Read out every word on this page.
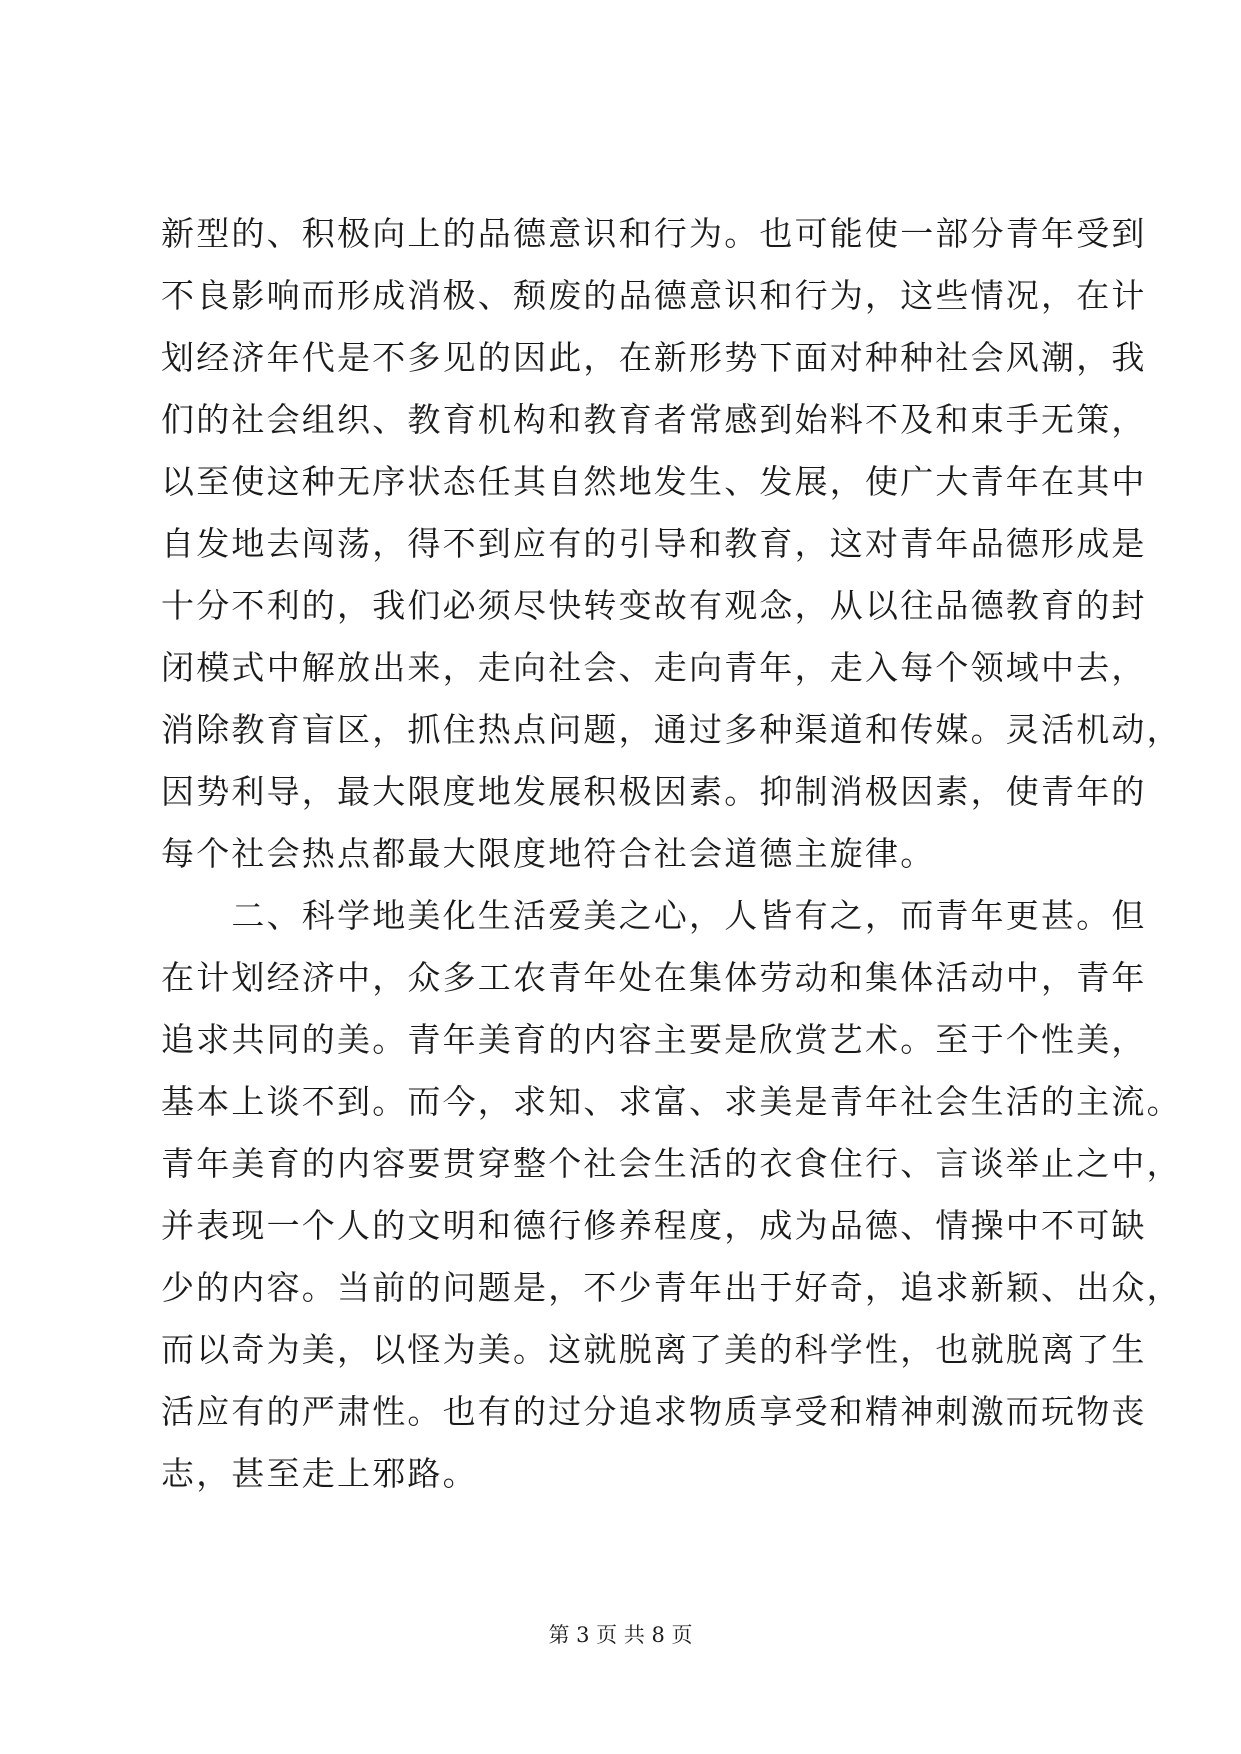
新型的、积极向上的品德意识和行为。也可能使一部分青年受到
不良影响而形成消极、颓废的品德意识和行为，这些情况，在计
划经济年代是不多见的因此，在新形势下面对种种社会风潮，我
们的社会组织、教育机构和教育者常感到始料不及和束手无策，
以至使这种无序状态任其自然地发生、发展，使广大青年在其中
自发地去闯荡，得不到应有的引导和教育，这对青年品德形成是
十分不利的，我们必须尽快转变故有观念，从以往品德教育的封
闭模式中解放出来，走向社会、走向青年，走入每个领域中去，
消除教育盲区，抓住热点问题，通过多种渠道和传媒。灵活机动，
因势利导，最大限度地发展积极因素。抑制消极因素，使青年的
每个社会热点都最大限度地符合社会道德主旋律。
　　二、科学地美化生活爱美之心，人皆有之，而青年更甚。但
在计划经济中，众多工农青年处在集体劳动和集体活动中，青年
追求共同的美。青年美育的内容主要是欣赏艺术。至于个性美，
基本上谈不到。而今，求知、求富、求美是青年社会生活的主流。
青年美育的内容要贯穿整个社会生活的衣食住行、言谈举止之中，
并表现一个人的文明和德行修养程度，成为品德、情操中不可缺
少的内容。当前的问题是，不少青年出于好奇，追求新颖、出众，
而以奇为美，以怪为美。这就脱离了美的科学性，也就脱离了生
活应有的严肃性。也有的过分追求物质享受和精神刺激而玩物丧
志，甚至走上邪路。
第 3 页 共 8 页
